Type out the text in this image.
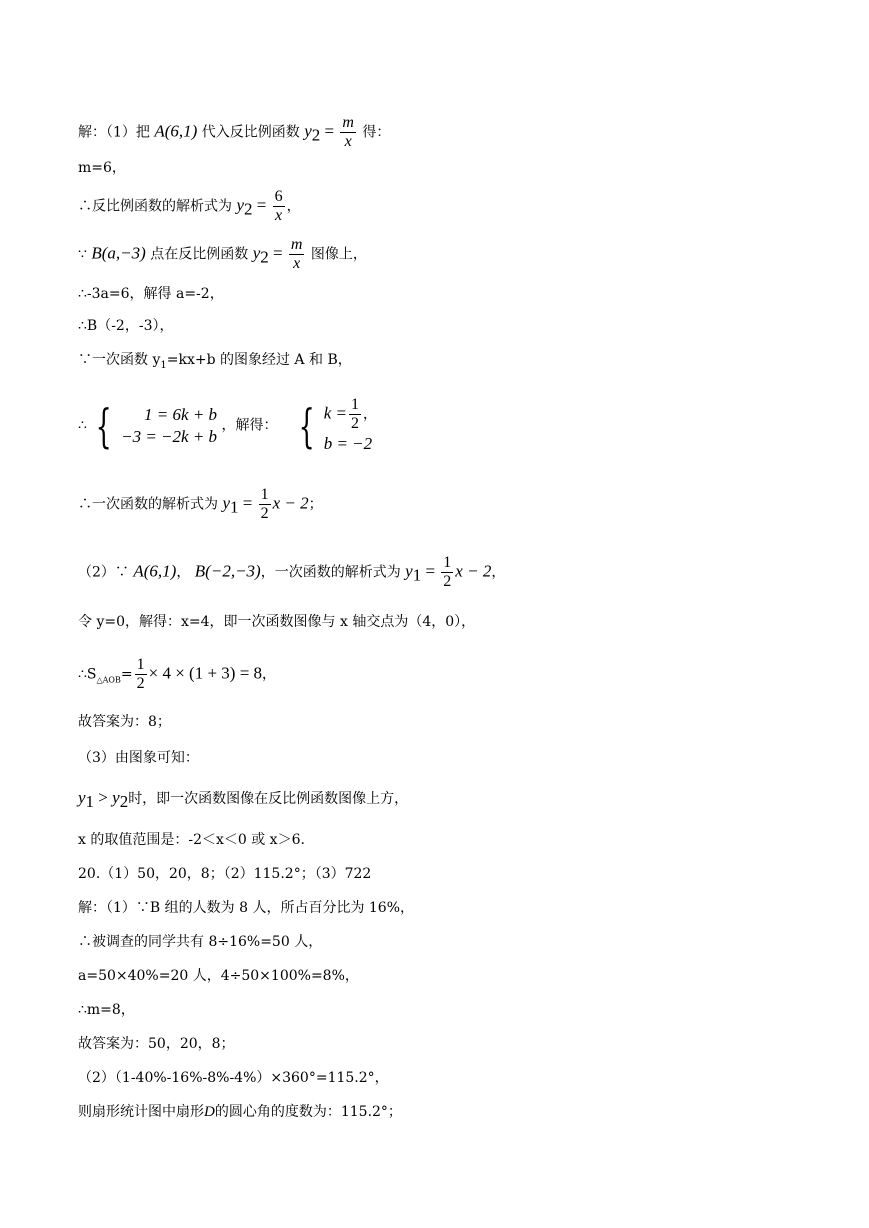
解：（1）把 A(6,1) 代入反比例函数 $y_2 = \frac{m}{x}$ 得：
m=6，
∴反比例函数的解析式为 $y_2 = \frac{6}{x}$ ，
∵ B(a,−3) 点在反比例函数 $y_2 = \frac{m}{x}$ 图像上，
∴-3a=6，解得 a=-2，
∴B（-2，-3），
∵一次函数 $y_1=kx+b$ 的图象经过 A 和 B，
∴ {	1 = 6k + b
−3 = −2k + b
，解得： { $k = \frac{1}{2}$ ，
b = −2
∴一次函数的解析式为 $y_1 = \frac{1}{2}$ x − 2；
（2）∵ A(6,1)， B(−2,−3)，一次函数的解析式为 $y_1 = \frac{1}{2}$ x − 2，
令 y=0，解得：x=4，即一次函数图像与 x 轴交点为（4，0），
$\therefore S_{\triangle AOB}= \frac{1}{2} \times 4 \times (1 + 3) = 8$，
故答案为：8；
（3）由图象可知：
$y_1 > y_2$时，即一次函数图像在反比例函数图像上方，
x 的取值范围是：-2＜x＜0 或 x＞6.
20.（1）50，20，8；（2）115.2°；（3）722
解：（1）∵B 组的人数为 8 人，所占百分比为 16%，
∴被调查的同学共有 8÷16%=50 人，
a=50×40%=20 人，4÷50×100%=8%，
∴m=8，
故答案为：50，20，8；
（2）（1-40%-16%-8%-4%）×360°=115.2°，
则扇形统计图中扇形D的圆心角的度数为：115.2°；
